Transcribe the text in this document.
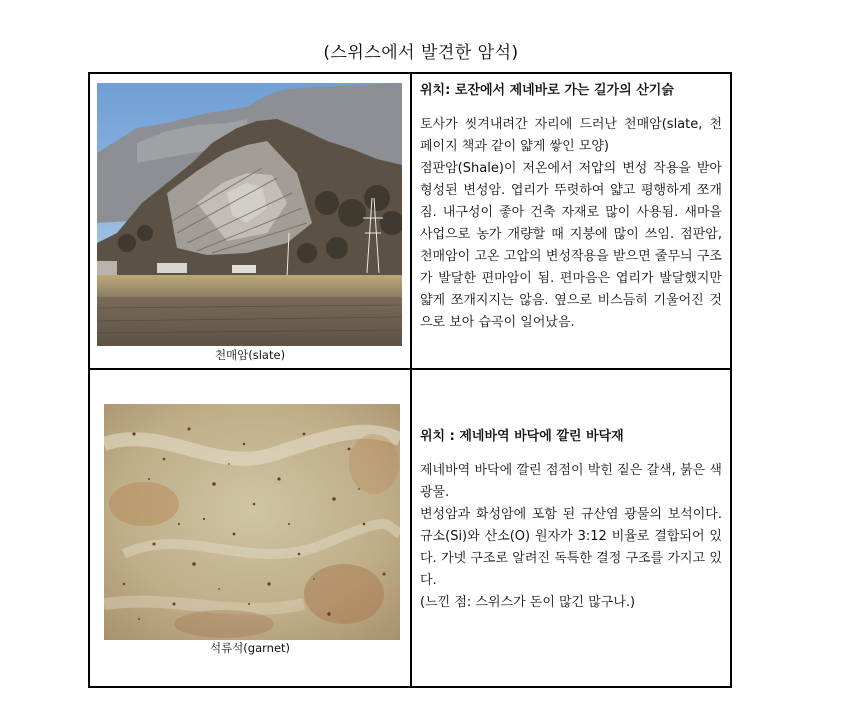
(스위스에서 발견한 암석)
천매암(slate)	위치: 로잔에서 제네바로 가는 길가의 산기슭
토사가 씻겨내려간 자리에 드러난 천매암(slate, 천 페이지 책과 같이 얇게 쌓인 모양)
점판암(Shale)이 저온에서 저압의 변성 작용을 받아 형성된 변성암. 엽리가 뚜렷하여 얇고 평행하게 쪼개짐. 내구성이 좋아 건축 자재로 많이 사용됨. 새마을 사업으로 농가 개량할 때 지붕에 많이 쓰임. 점판암, 천매암이 고온 고압의 변성작용을 받으면 줄무늬 구조가 발달한 편마암이 됨. 편마음은 엽리가 발달했지만 얇게 쪼개지지는 않음. 옆으로 비스듬히 기울어진 것으로 보아 습곡이 일어났음.

석류석(garnet)	위치 : 제네바역 바닥에 깔린 바닥재
제네바역 바닥에 깔린 점점이 박힌 짙은 갈색, 붉은 색 광물.
변성암과 화성암에 포함 된 규산염 광물의 보석이다. 규소(Si)와 산소(O) 원자가 3:12 비율로 결합되어 있다. 가넷 구조로 알려진 독특한 결정 구조를 가지고 있다.
(느낀 점: 스위스가 돈이 많긴 많구나.)
